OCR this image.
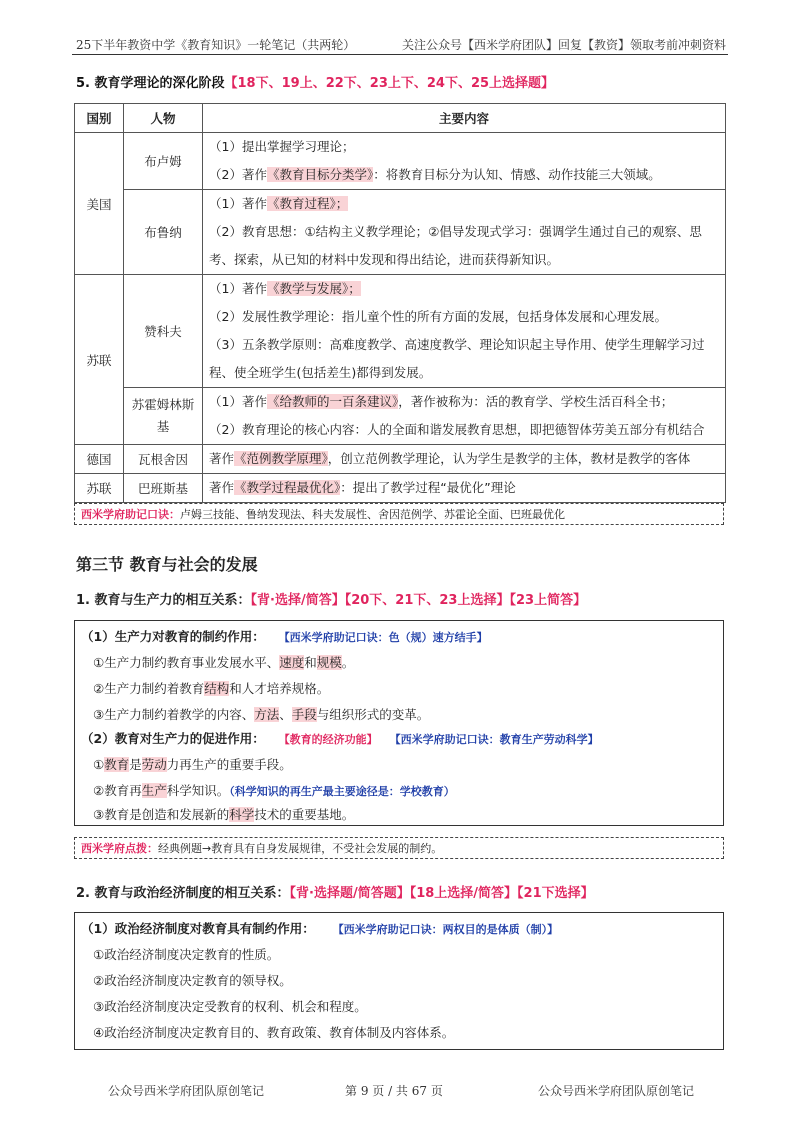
25下半年教资中学《教育知识》一轮笔记（共两轮）	关注公众号【西米学府团队】回复【教资】领取考前冲刺资料
5. 教育学理论的深化阶段【18下、19上、22下、23上下、24下、25上选择题】
国别	人物	主要内容
美国	布卢姆	（1）提出掌握学习理论；
（2）著作《教育目标分类学》：将教育目标分为认知、情感、动作技能三大领域。

	布鲁纳	（1）著作《教育过程》；
（2）教育思想：①结构主义教学理论；②倡导发现式学习：强调学生通过自己的观察、思
考、探索，从已知的材料中发现和得出结论，进而获得新知识。

苏联	赞科夫	（1）著作《教学与发展》；
（2）发展性教学理论：指儿童个性的所有方面的发展，包括身体发展和心理发展。
（3）五条教学原则：高难度教学、高速度教学、理论知识起主导作用、使学生理解学习过
程、使全班学生(包括差生)都得到发展。

	苏霍姆林斯基	（1）著作《给教师的一百条建议》，著作被称为：活的教育学、学校生活百科全书；
（2）教育理论的核心内容：人的全面和谐发展教育思想，即把德智体劳美五部分有机结合

德国	瓦根舍因	著作《范例教学原理》，创立范例教学理论，认为学生是教学的主体，教材是教学的客体

苏联	巴班斯基	著作《教学过程最优化》：提出了教学过程“最优化”理论
西米学府助记口诀：卢姆三技能、鲁纳发现法、科夫发展性、舍因范例学、苏霍论全面、巴班最优化
第三节 教育与社会的发展
1. 教育与生产力的相互关系：【背·选择/简答】【20下、21下、23上选择】【23上简答】
（1）生产力对教育的制约作用： 【西米学府助记口诀：色（规）速方结手】
①生产力制约教育事业发展水平、速度和规模。
②生产力制约着教育结构和人才培养规格。
③生产力制约着教学的内容、方法、手段与组织形式的变革。
（2）教育对生产力的促进作用： 【教育的经济功能】 【西米学府助记口诀：教育生产劳动科学】
①教育是劳动力再生产的重要手段。
②教育再生产科学知识。（科学知识的再生产最主要途径是：学校教育）
③教育是创造和发展新的科学技术的重要基地。
西米学府点拨：经典例题→教育具有自身发展规律，不受社会发展的制约。
2. 教育与政治经济制度的相互关系：【背·选择题/简答题】【18上选择/简答】【21下选择】
（1）政治经济制度对教育具有制约作用： 【西米学府助记口诀：两权目的是体质（制）】
①政治经济制度决定教育的性质。
②政治经济制度决定教育的领导权。
③政治经济制度决定受教育的权利、机会和程度。
④政治经济制度决定教育目的、教育政策、教育体制及内容体系。
公众号西米学府团队原创笔记	第 9 页 / 共 67 页	公众号西米学府团队原创笔记
